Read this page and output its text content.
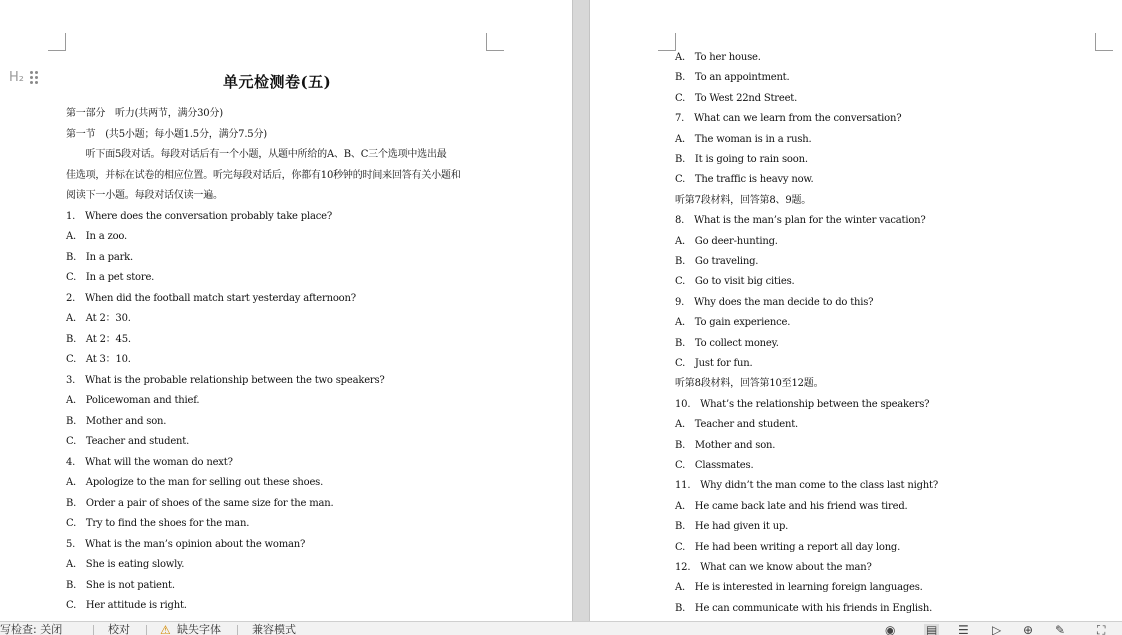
H₂	单元检测卷(五)
第一部分　听力(共两节，满分30分)
第一节　(共5小题；每小题1.5分，满分7.5分)
　　听下面5段对话。每段对话后有一个小题，从题中所给的A、B、C三个选项中选出最
佳选项，并标在试卷的相应位置。听完每段对话后，你都有10秒钟的时间来回答有关小题和
阅读下一小题。每段对话仅读一遍。
1.　Where does the conversation probably take place?
A.　In a zoo.
B.　In a park.
C.　In a pet store.
2.　When did the football match start yesterday afternoon?
A.　At 2：30.
B.　At 2：45.
C.　At 3：10.
3.　What is the probable relationship between the two speakers?
A.　Policewoman and thief.
B.　Mother and son.
C.　Teacher and student.
4.　What will the woman do next?
A.　Apologize to the man for selling out these shoes.
B.　Order a pair of shoes of the same size for the man.
C.　Try to find the shoes for the man.
5.　What is the man’s opinion about the woman?
A.　She is eating slowly.
B.　She is not patient.
C.　Her attitude is right.
A.　To her house.
B.　To an appointment.
C.　To West 22nd Street.
7.　What can we learn from the conversation?
A.　The woman is in a rush.
B.　It is going to rain soon.
C.　The traffic is heavy now.
听第7段材料，回答第8、9题。
8.　What is the man’s plan for the winter vacation?
A.　Go deer-hunting.
B.　Go traveling.
C.　Go to visit big cities.
9.　Why does the man decide to do this?
A.　To gain experience.
B.　To collect money.
C.　Just for fun.
听第8段材料，回答第10至12题。
10.　What’s the relationship between the speakers?
A.　Teacher and student.
B.　Mother and son.
C.　Classmates.
11.　Why didn’t the man come to the class last night?
A.　He came back late and his friend was tired.
B.　He had given it up.
C.　He had been writing a report all day long.
12.　What can we know about the man?
A.　He is interested in learning foreign languages.
B.　He can communicate with his friends in English.
写检查: 关闭	校对	⚠ 缺失字体	兼容模式	◉	▤ ☰ ▷ ⊕ ✎	⛶
